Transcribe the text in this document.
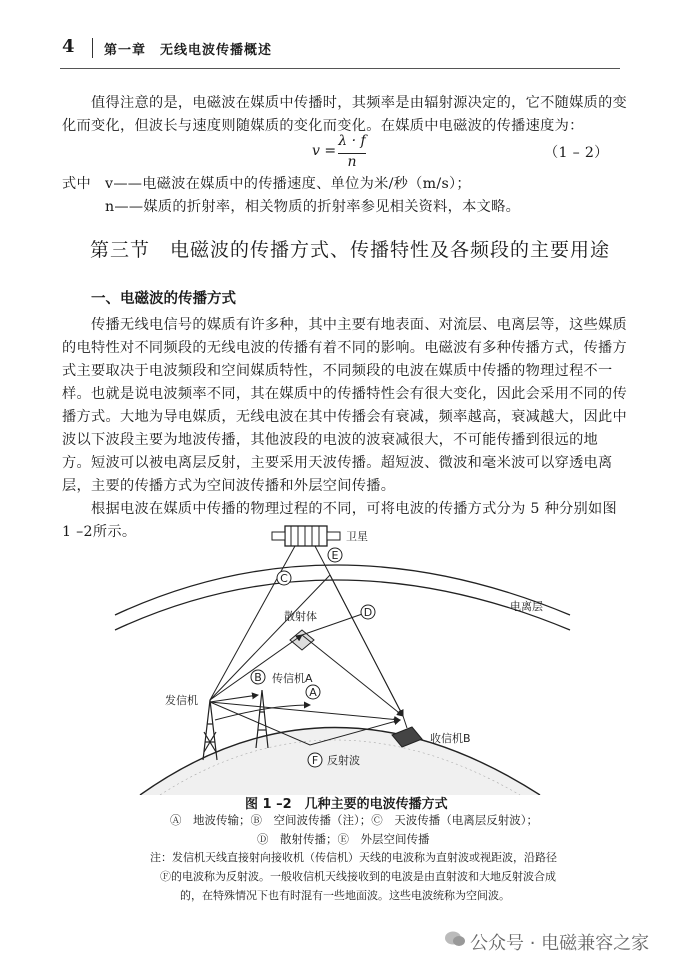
4 第一章　无线电波传播概述
值得注意的是，电磁波在媒质中传播时，其频率是由辐射源决定的，它不随媒质的变
化而变化，但波长与速度则随媒质的变化而变化。在媒质中电磁波的传播速度为：
v =
λ · f
n
（1 – 2）
式中 v——电磁波在媒质中的传播速度、单位为米/秒（m/s）；
n——媒质的折射率，相关物质的折射率参见相关资料，本文略。
第三节　电磁波的传播方式、传播特性及各频段的主要用途
一、电磁波的传播方式
传播无线电信号的媒质有许多种，其中主要有地表面、对流层、电离层等，这些媒质
的电特性对不同频段的无线电波的传播有着不同的影响。电磁波有多种传播方式，传播方
式主要取决于电波频段和空间媒质特性，不同频段的电波在媒质中传播的物理过程不一
样。也就是说电波频率不同，其在媒质中的传播特性会有很大变化，因此会采用不同的传
播方式。大地为导电媒质，无线电波在其中传播会有衰减，频率越高，衰减越大，因此中
波以下波段主要为地波传播，其他波段的电波的波衰减很大，不可能传播到很远的地
方。短波可以被电离层反射，主要采用天波传播。超短波、微波和毫米波可以穿透电离
层，主要的传播方式为空间波传播和外层空间传播。
根据电波在媒质中传播的物理过程的不同，可将电波的传播方式分为 5 种分别如图
1 –2所示。
A
B
C
D
E
F
卫星
电离层
散射体
传信机A
发信机
收信机B
反射波
图 1 –2　几种主要的电波传播方式
Ⓐ　地波传输；Ⓑ　空间波传播（注）；Ⓒ　天波传播（电离层反射波）；
Ⓓ　散射传播；Ⓔ　外层空间传播
注：发信机天线直接射向接收机（传信机）天线的电波称为直射波或视距波，沿路径
Ⓕ的电波称为反射波。一般收信机天线接收到的电波是由直射波和大地反射波合成
的，在特殊情况下也有时混有一些地面波。这些电波统称为空间波。
公众号 · 电磁兼容之家
